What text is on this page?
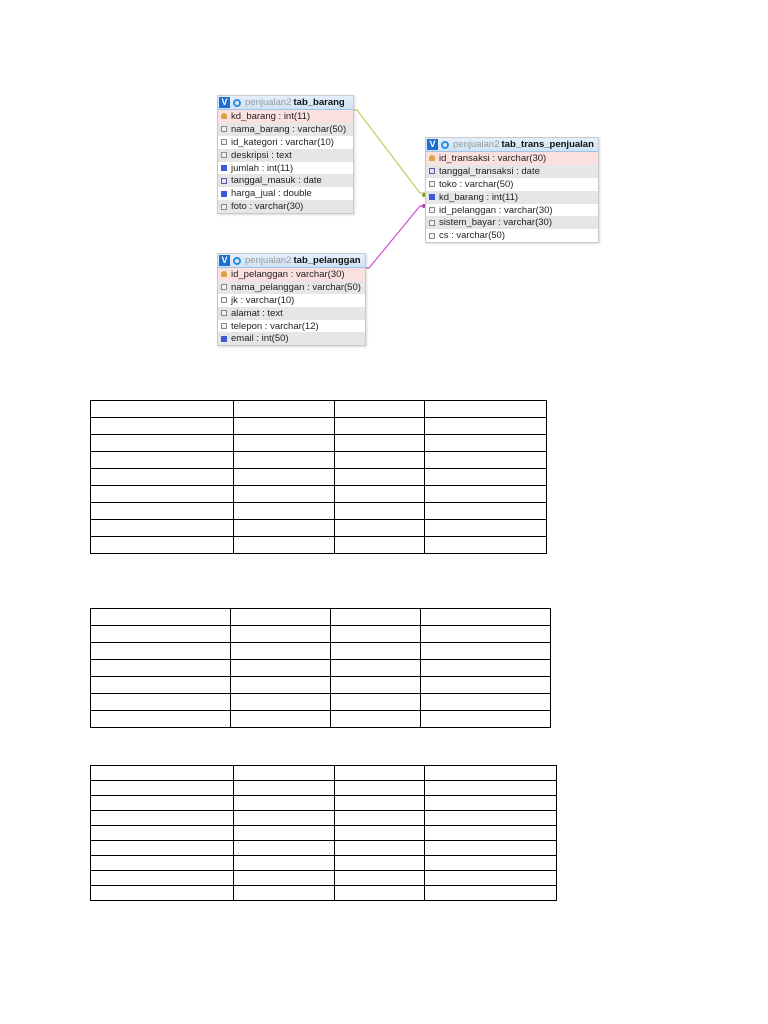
V penjualan2 tab_barang
kd_barang : int(11)
nama_barang : varchar(50)
id_kategori : varchar(10)
deskripsi : text
jumlah : int(11)
tanggal_masuk : date
harga_jual : double
foto : varchar(30)
V penjualan2 tab_trans_penjualan
id_transaksi : varchar(30)
tanggal_transaksi : date
toko : varchar(50)
kd_barang : int(11)
id_pelanggan : varchar(30)
sistem_bayar : varchar(30)
cs : varchar(50)
V penjualan2 tab_pelanggan
id_pelanggan : varchar(30)
nama_pelanggan : varchar(50)
jk : varchar(10)
alamat : text
telepon : varchar(12)
email : int(50)
